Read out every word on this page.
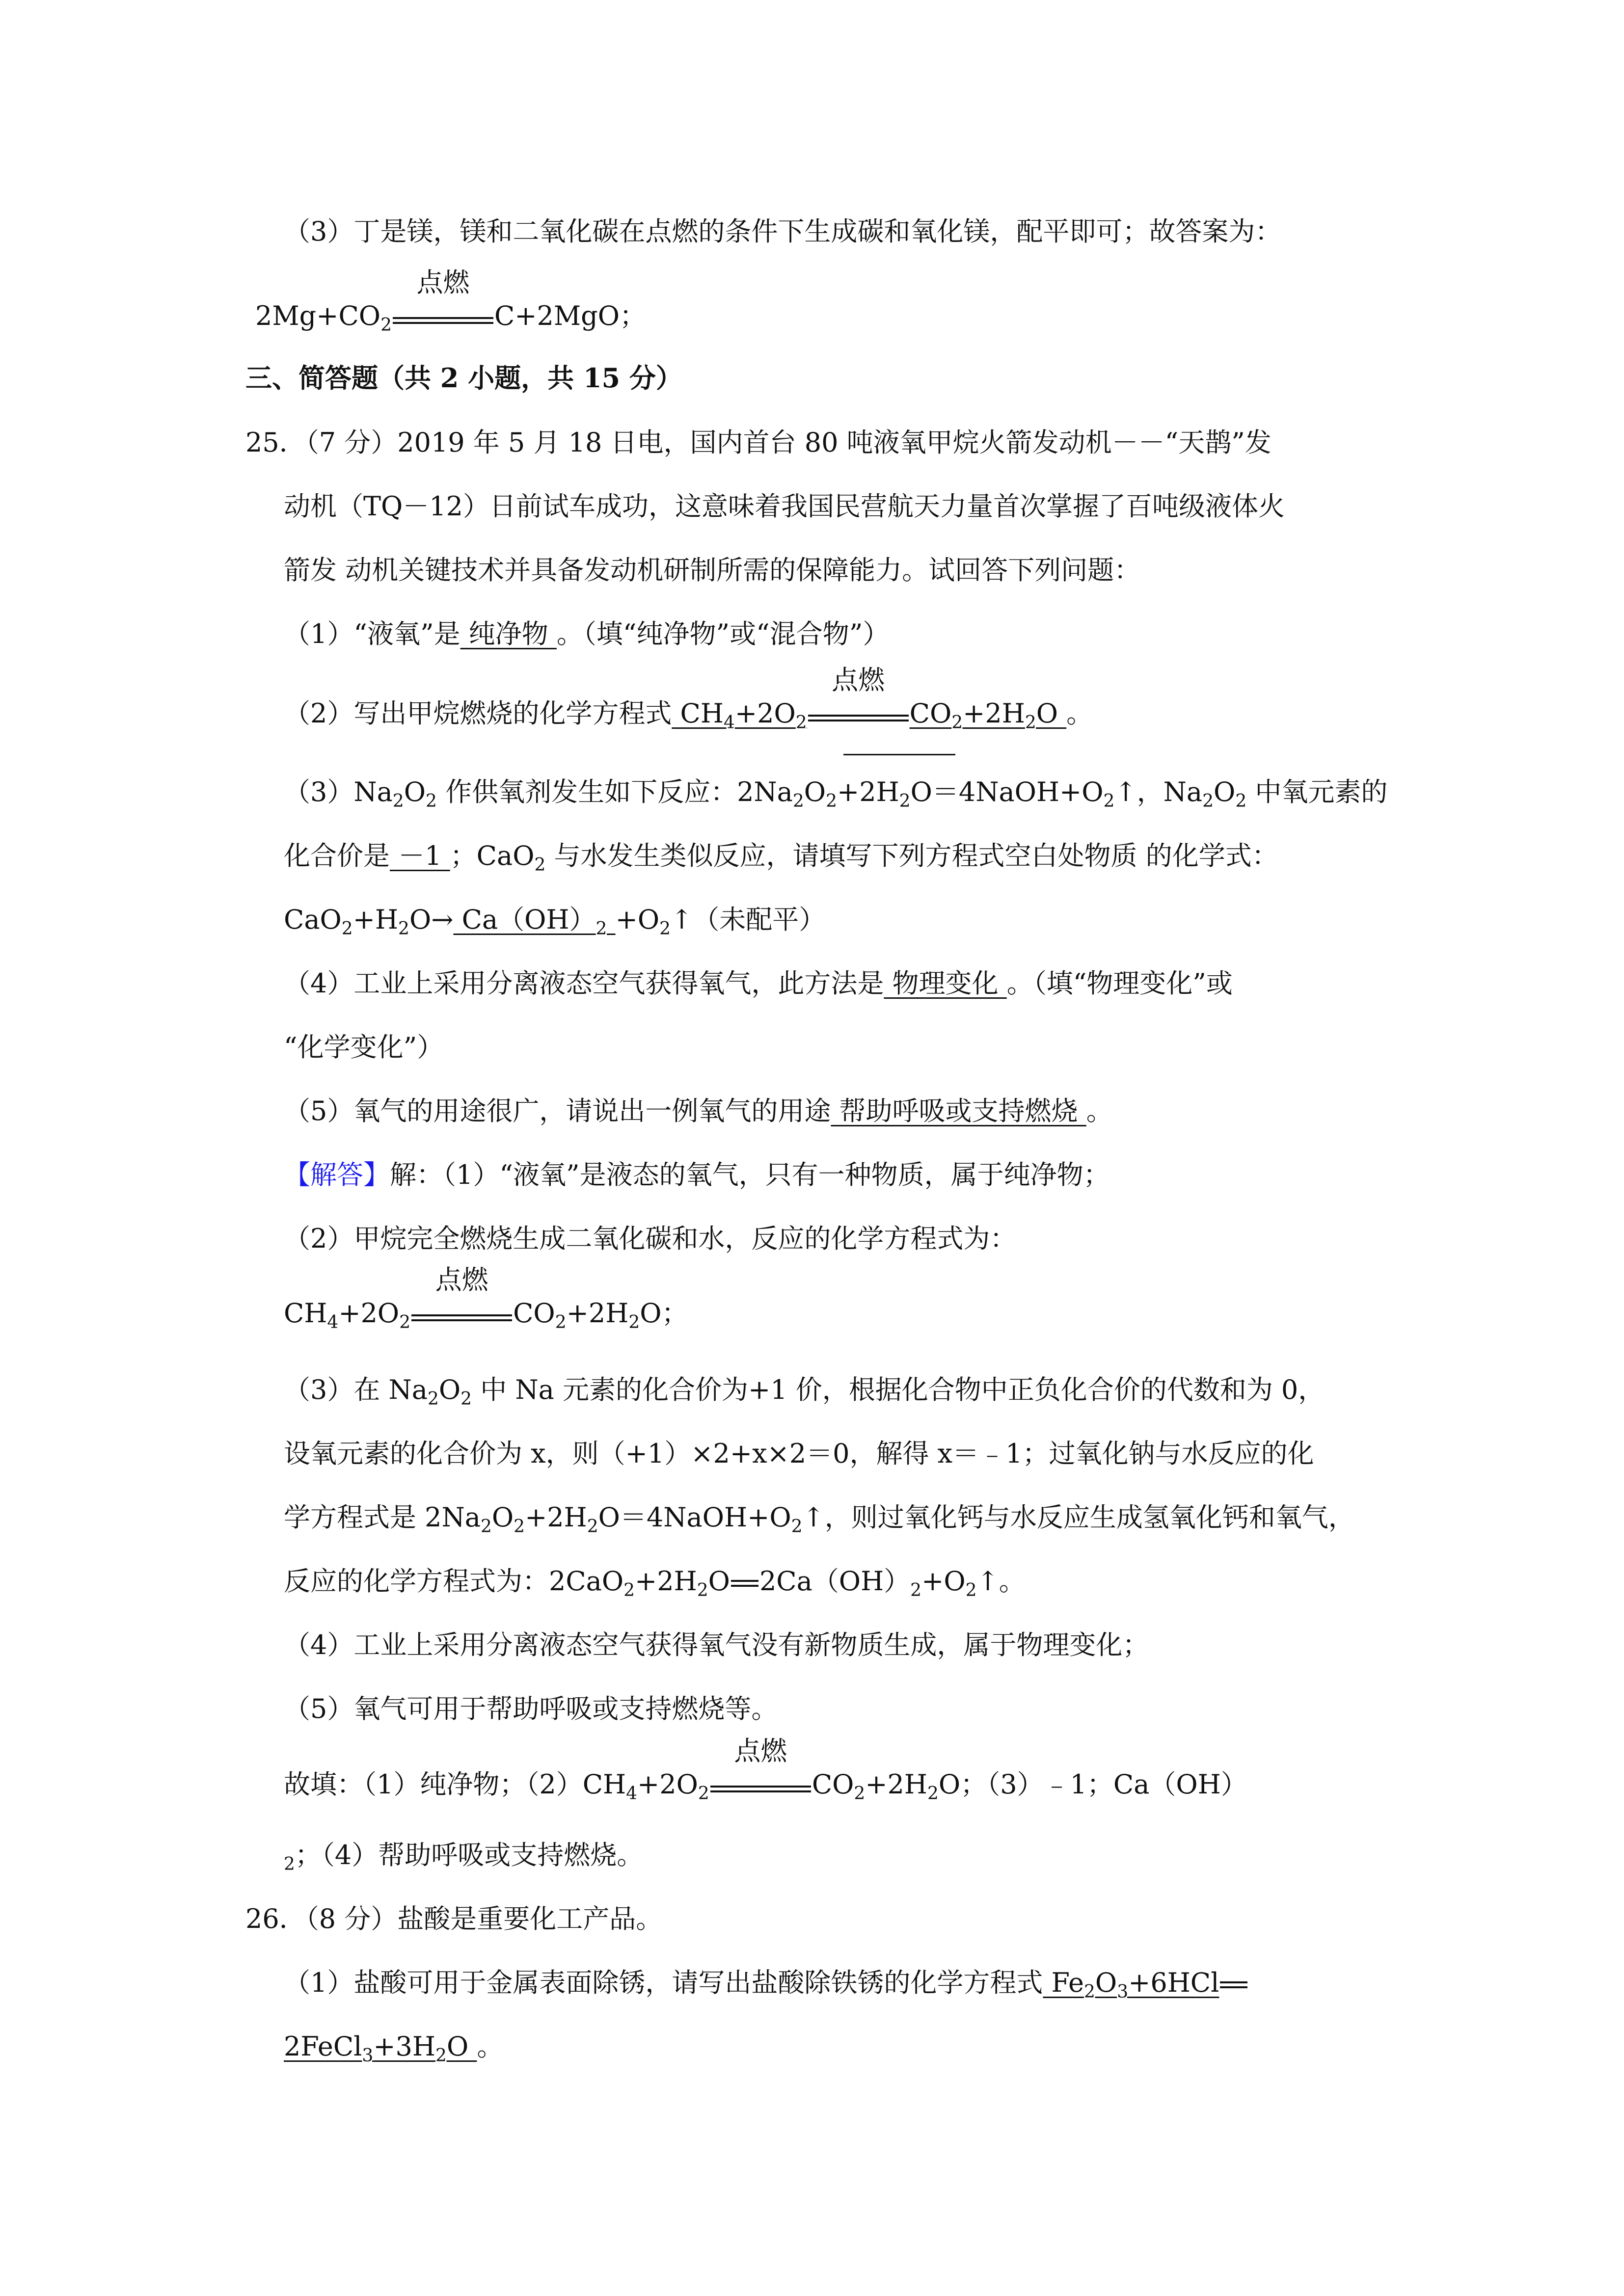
（3）丁是镁，镁和二氧化碳在点燃的条件下生成碳和氧化镁，配平即可；故答案为：
$2Mg+CO_2$
点燃
C+2MgO；
三、简答题（共 2 小题，共 15 分）
25．（7 分）2019 年 5 月 18 日电，国内首台 80 吨液氧甲烷火箭发动机－－“天鹊”发
动机（TQ－12）日前试车成功，这意味着我国民营航天力量首次掌握了百吨级液体火
箭发 动机关键技术并具备发动机研制所需的保障能力。试回答下列问题：
（1）“液氧”是 纯净物 。（填“纯净物”或“混合物”）
（2）写出甲烷燃烧的化学方程式 $CH_4+2O_2$
点燃
$CO_2+2H_2O$ 。
$(3)Na_2O_2$ 作供氧剂发生如下反应：$2Na_2O_2+2H_2O=4NaOH+O_2↑$，$Na_2O_2$ 中氧元素的
化合价是 －1 ；CaO$_2$ 与水发生类似反应，请填写下列方程式空白处物质 的化学式：
$CaO_2+H_2O\to Ca(OH)_2$ $+O_2↑$（未配平）
（4）工业上采用分离液态空气获得氧气，此方法是 物理变化 。（填“物理变化”或
“化学变化”）
（5）氧气的用途很广，请说出一例氧气的用途 帮助呼吸或支持燃烧 。
【解答】解：（1）“液氧”是液态的氧气，只有一种物质，属于纯净物；
（2）甲烷完全燃烧生成二氧化碳和水，反应的化学方程式为：
$CH_4+2O_2$
点燃
$CO_2+2H_2O$；
（3）在 $Na_2O_2$ 中 Na 元素的化合价为+1 价，根据化合物中正负化合价的代数和为 0，
设氧元素的化合价为 x，则（+1）×2+x×2＝0，解得 x＝﹣1；过氧化钠与水反应的化
学方程式是 $2Na_2O_2+2H_2O=4NaOH+O_2↑$，则过氧化钙与水反应生成氢氧化钙和氧气，
反应的化学方程式为：$2CaO_2+2H_2O$ $2Ca(OH)_2+O_2↑$。
（4）工业上采用分离液态空气获得氧气没有新物质生成，属于物理变化；
（5）氧气可用于帮助呼吸或支持燃烧等。
故填：（1）纯净物；$(2)CH_4+2O_2$
点燃
$CO_2+2H_2O$；（3）﹣1；Ca（OH）
$_2$；（4）帮助呼吸或支持燃烧。
26．（8 分）盐酸是重要化工产品。
（1）盐酸可用于金属表面除锈，请写出盐酸除铁锈的化学方程式 $Fe_2O_3+6HCl$
$2FeCl_3+3H_2O$ 。
